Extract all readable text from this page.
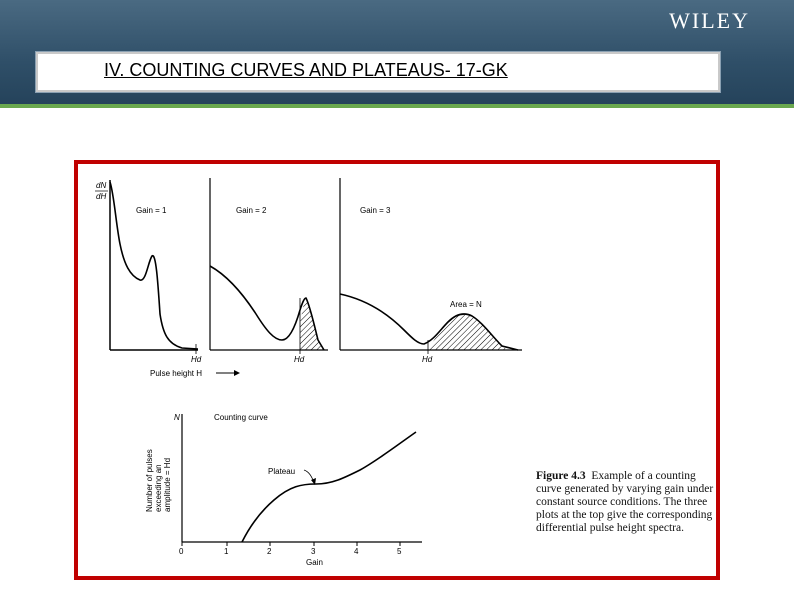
WILEY
IV. COUNTING CURVES AND PLATEAUS- 17-GK
dN
dH
Gain = 1
Hd
Gain = 2
Hd
Gain = 3
Area = N
Hd
Pulse height H
N	Counting curve
Plateau
Number of pulses exceeding an amplitude = Hd
0	1	2	3	4	5
Gain
Figure 4.3 Example of a counting curve generated by varying gain under constant source conditions. The three plots at the top give the corresponding differential pulse height spectra.
